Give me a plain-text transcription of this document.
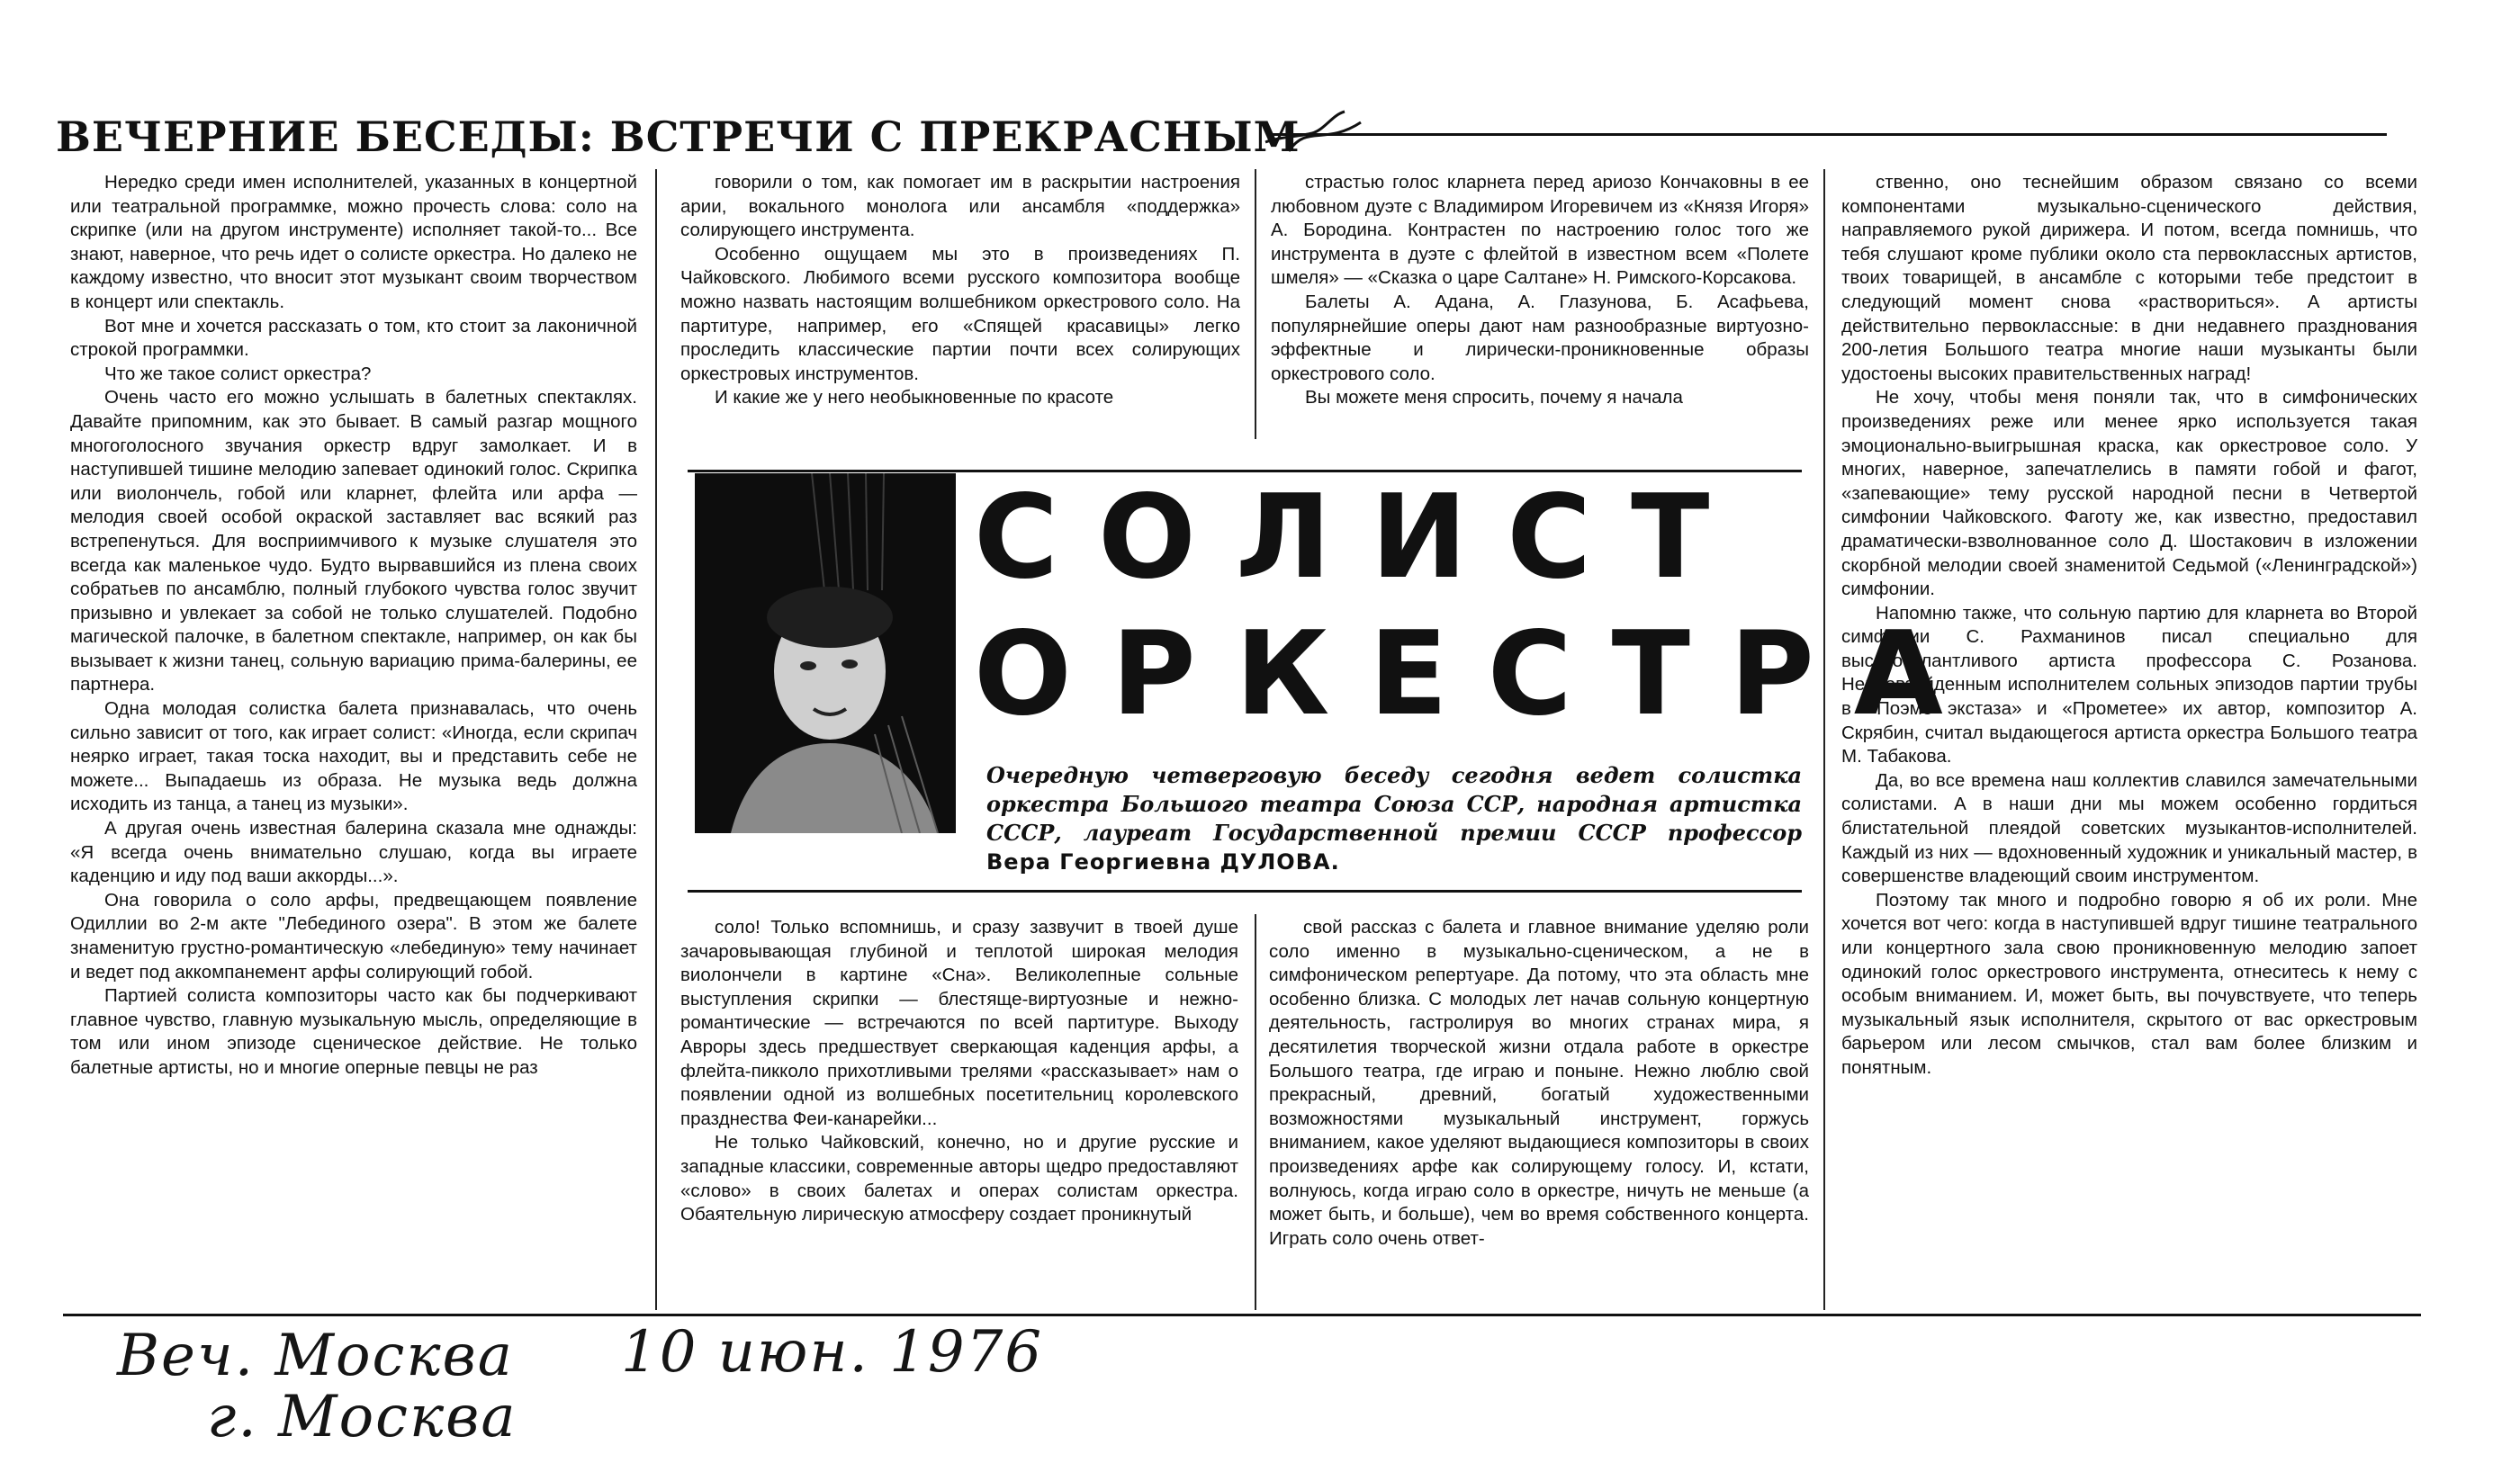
ВЕЧЕРНИЕ БЕСЕДЫ: ВСТРЕЧИ С ПРЕКРАСНЫМ

Нередко среди имен исполнителей, указанных в концертной или театральной программке, можно прочесть слова: соло на скрипке (или на другом инструменте) исполняет такой-то... Все знают, наверное, что речь идет о солисте оркестра. Но далеко не каждому известно, что вносит этот музыкант своим творчеством в концерт или спектакль.

Вот мне и хочется рассказать о том, кто стоит за лаконичной строкой программки.

Что же такое солист оркестра?

Очень часто его можно услышать в балетных спектаклях. Давайте припомним, как это бывает. В самый разгар мощного многоголосного звучания оркестр вдруг замолкает. И в наступившей тишине мелодию запевает одинокий голос. Скрипка или виолончель, гобой или кларнет, флейта или арфа — мелодия своей особой окраской заставляет вас всякий раз встрепенуться. Для восприимчивого к музыке слушателя это всегда как маленькое чудо. Будто вырвавшийся из плена своих собратьев по ансамблю, полный глубокого чувства голос звучит призывно и увлекает за собой не только слушателей. Подобно магической палочке, в балетном спектакле, например, он как бы вызывает к жизни танец, сольную вариацию прима-балерины, ее партнера.

Одна молодая солистка балета признавалась, что очень сильно зависит от того, как играет солист: «Иногда, если скрипач неярко играет, такая тоска находит, вы и представить себе не можете... Выпадаешь из образа. Не музыка ведь должна исходить из танца, а танец из музыки».

А другая очень известная балерина сказала мне однажды: «Я всегда очень внимательно слушаю, когда вы играете каденцию и иду под ваши аккорды...».

Она говорила о соло арфы, предвещающем появление Одиллии во 2-м акте "Лебединого озера". В этом же балете знаменитую грустно-романтическую «лебединую» тему начинает и ведет под аккомпанемент арфы солирующий гобой.

Партией солиста композиторы часто как бы подчеркивают главное чувство, главную музыкальную мысль, определяющие в том или ином эпизоде сценическое действие. Не только балетные артисты, но и многие оперные певцы не раз

говорили о том, как помогает им в раскрытии настроения арии, вокального монолога или ансамбля «поддержка» солирующего инструмента.

Особенно ощущаем мы это в произведениях П. Чайковского. Любимого всеми русского композитора вообще можно назвать настоящим волшебником оркестрового соло. На партитуре, например, его «Спящей красавицы» легко проследить классические партии почти всех солирующих оркестровых инструментов.

И какие же у него необыкновенные по красоте

страстью голос кларнета перед ариозо Кончаковны в ее любовном дуэте с Владимиром Игоревичем из «Князя Игоря» А. Бородина. Контрастен по настроению голос того же инструмента в дуэте с флейтой в известном всем «Полете шмеля» — «Сказка о царе Салтане» Н. Римского-Корсакова.

Балеты А. Адана, А. Глазунова, Б. Асафьева, популярнейшие оперы дают нам разнообразные виртуозно-эффектные и лирически-проникновенные образы оркестрового соло.

Вы можете меня спросить, почему я начала

ственно, оно теснейшим образом связано со всеми компонентами музыкально-сценического действия, направляемого рукой дирижера. И потом, всегда помнишь, что тебя слушают кроме публики около ста первоклассных артистов, твоих товарищей, в ансамбле с которыми тебе предстоит в следующий момент снова «раствориться». А артисты действительно первоклассные: в дни недавнего празднования 200-летия Большого театра многие наши музыканты были удостоены высоких правительственных наград!

Не хочу, чтобы меня поняли так, что в симфонических произведениях реже или менее ярко используется такая эмоционально-выигрышная краска, как оркестровое соло. У многих, наверное, запечатлелись в памяти гобой и фагот, «запевающие» тему русской народной песни в Четвертой симфонии Чайковского. Фаготу же, как известно, предоставил драматически-взволнованное соло Д. Шостакович в изложении скорбной мелодии своей знаменитой Седьмой («Ленинградской») симфонии.

Напомню также, что сольную партию для кларнета во Второй симфонии С. Рахманинов писал специально для высокоталантливого артиста профессора С. Розанова. Непревзойденным исполнителем сольных эпизодов партии трубы в «Поэме экстаза» и «Прометее» их автор, композитор А. Скрябин, считал выдающегося артиста оркестра Большого театра М. Табакова.

Да, во все времена наш коллектив славился замечательными солистами. А в наши дни мы можем особенно гордиться блистательной плеядой советских музыкантов-исполнителей. Каждый из них — вдохновенный художник и уникальный мастер, в совершенстве владеющий своим инструментом.

Поэтому так много и подробно говорю я об их роли. Мне хочется вот чего: когда в наступившей вдруг тишине театрального или концертного зала свою проникновенную мелодию запоет одинокий голос оркестрового инструмента, отнеситесь к нему с особым вниманием. И, может быть, вы почувствуете, что теперь музыкальный язык исполнителя, скрытого от вас оркестровым барьером или лесом смычков, стал вам более близким и понятным.

соло! Только вспомнишь, и сразу зазвучит в твоей душе зачаровывающая глубиной и теплотой широкая мелодия виолончели в картине «Сна». Великолепные сольные выступления скрипки — блестяще-виртуозные и нежно-романтические — встречаются по всей партитуре. Выходу Авроры здесь предшествует сверкающая каденция арфы, а флейта-пикколо прихотливыми трелями «рассказывает» нам о появлении одной из волшебных посетительниц королевского празднества Феи-канарейки...

Не только Чайковский, конечно, но и другие русские и западные классики, современные авторы щедро предоставляют «слово» в своих балетах и операх солистам оркестра. Обаятельную лирическую атмосферу создает проникнутый

свой рассказ с балета и главное внимание уделяю роли соло именно в музыкально-сценическом, а не в симфоническом репертуаре. Да потому, что эта область мне особенно близка. С молодых лет начав сольную концертную деятельность, гастролируя во многих странах мира, я десятилетия творческой жизни отдала работе в оркестре Большого театра, где играю и поныне. Нежно люблю свой прекрасный, древний, богатый художественными возможностями музыкальный инструмент, горжусь вниманием, какое уделяют выдающиеся композиторы в своих произведениях арфе как солирующему голосу. И, кстати, волнуюсь, когда играю соло в оркестре, ничуть не меньше (а может быть, и больше), чем во время собственного концерта. Играть соло очень ответ-

СОЛИСТ
ОРКЕСТРА
Очередную четверговую беседу сегодня ведет солистка оркестра Большого театра Союза ССР, народная артистка СССР, лауреат Государственной премии СССР профессор Вера Георгиевна ДУЛОВА.
Веч. Москва 10 июн. 1976
г. Москва
